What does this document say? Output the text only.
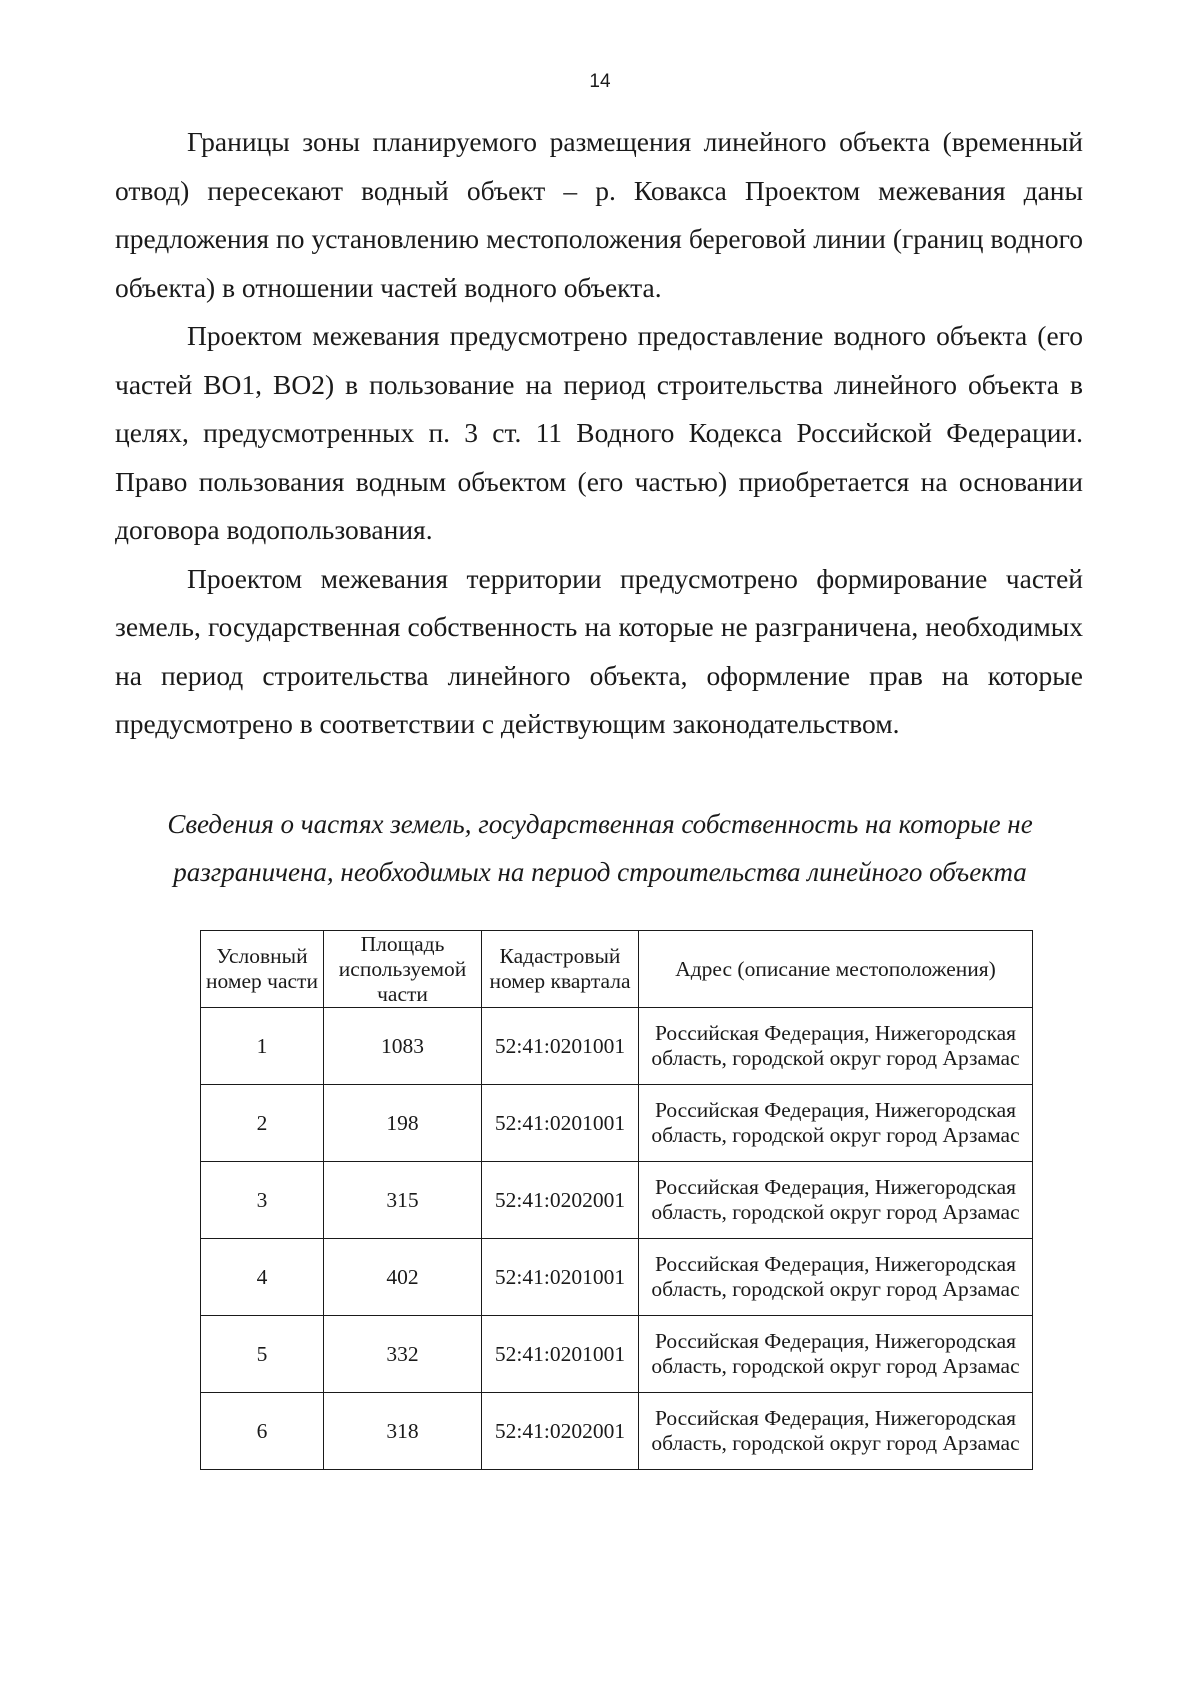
14

Границы зоны планируемого размещения линейного объекта (временный отвод) пересекают водный объект – р. Ковакса Проектом межевания даны предложения по установлению местоположения береговой линии (границ водного объекта) в отношении частей водного объекта.

Проектом межевания предусмотрено предоставление водного объекта (его частей ВО1, ВО2) в пользование на период строительства линейного объекта в целях, предусмотренных п. 3 ст. 11 Водного Кодекса Российской Федерации. Право пользования водным объектом (его частью) приобретается на основании договора водопользования.

Проектом межевания территории предусмотрено формирование частей земель, государственная собственность на которые не разграничена, необходимых на период строительства линейного объекта, оформление прав на которые предусмотрено в соответствии с действующим законодательством.

Сведения о частях земель, государственная собственность на которые не разграничена, необходимых на период строительства линейного объекта

Условный номер части	Площадь используемой части	Кадастровый номер квартала	Адрес (описание местоположения)
1	1083	52:41:0201001	Российская Федерация, Нижегородская область, городской округ город Арзамас
2	198	52:41:0201001	Российская Федерация, Нижегородская область, городской округ город Арзамас
3	315	52:41:0202001	Российская Федерация, Нижегородская область, городской округ город Арзамас
4	402	52:41:0201001	Российская Федерация, Нижегородская область, городской округ город Арзамас
5	332	52:41:0201001	Российская Федерация, Нижегородская область, городской округ город Арзамас
6	318	52:41:0202001	Российская Федерация, Нижегородская область, городской округ город Арзамас
